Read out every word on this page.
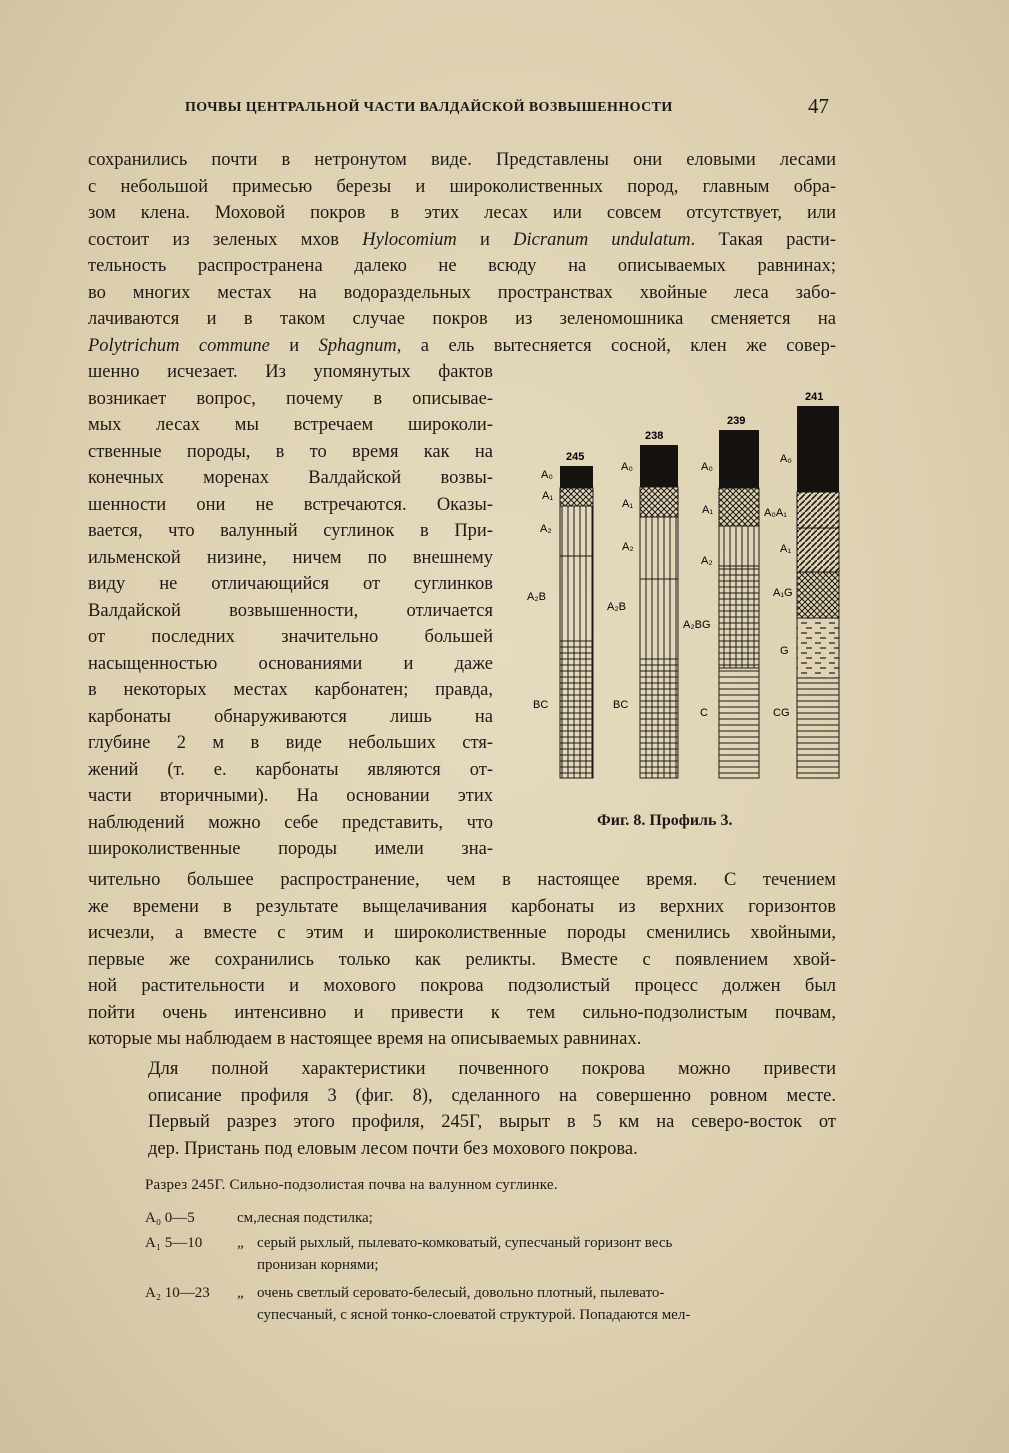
ПОЧВЫ ЦЕНТРАЛЬНОЙ ЧАСТИ ВАЛДАЙСКОЙ ВОЗВЫШЕННОСТИ	47
сохранились почти в нетронутом виде. Представлены они еловыми лесами
с небольшой примесью березы и широколиственных пород, главным обра-
зом клена. Моховой покров в этих лесах или совсем отсутствует, или
состоит из зеленых мхов Hylocomium и Dicranum undulatum. Такая расти-
тельность распространена далеко не всюду на описываемых равнинах;
во многих местах на водораздельных пространствах хвойные леса забо-
лачиваются и в таком случае покров из зеленомошника сменяется на
Polytrichum commune и Sphagnum, а ель вытесняется сосной, клен же совер-
шенно исчезает. Из упомянутых фактов
возникает вопрос, почему в описывае-
мых лесах мы встречаем широколи-
ственные породы, в то время как на
конечных моренах Валдайской возвы-
шенности они не встречаются. Оказы-
вается, что валунный суглинок в При-
ильменской низине, ничем по внешнему
виду не отличающийся от суглинков
Валдайской возвышенности, отличается
от последних значительно большей
насыщенностью основаниями и даже
в некоторых местах карбонатен; правда,
карбонаты обнаруживаются лишь на
глубине 2 м в виде небольших стя-
жений (т. е. карбонаты являются от-
части вторичными). На основании этих
наблюдений можно себе представить, что
широколиственные породы имели зна-
чительно большее распространение, чем в настоящее время. С течением
же времени в результате выщелачивания карбонаты из верхних горизонтов
исчезли, а вместе с этим и широколиственные породы сменились хвойными,
первые же сохранились только как реликты. Вместе с появлением хвой-
ной растительности и мохового покрова подзолистый процесс должен был
пойти очень интенсивно и привести к тем сильно-подзолистым почвам,
которые мы наблюдаем в настоящее время на описываемых равнинах.
Для полной характеристики почвенного покрова можно привести
описание профиля 3 (фиг. 8), сделанного на совершенно ровном месте.
Первый разрез этого профиля, 245Г, вырыт в 5 км на северо-восток от
дер. Пристань под еловым лесом почти без мохового покрова.
245
A₀
A₁
A₂
A₂B
BC
238
A₀
A₁
A₂
A₂B
BC
239
A₀
A₁
A₂
A₂BG
C
241
A₀
A₀A₁
A₁
A₁G
G
CG
Фиг. 8. Профиль 3.
Разрез 245Г. Сильно-подзолистая почва на валунном суглинке.
A₀ 0—5	см, лесная подстилка;
A₁ 5—10	„ серый рыхлый, пылевато-комковатый, супесчаный горизонт весь
пронизан корнями;
A₂ 10—23	„ очень светлый серовато-белесый, довольно плотный, пылевато-
супесчаный, с ясной тонко-слоеватой структурой. Попадаются мел-
